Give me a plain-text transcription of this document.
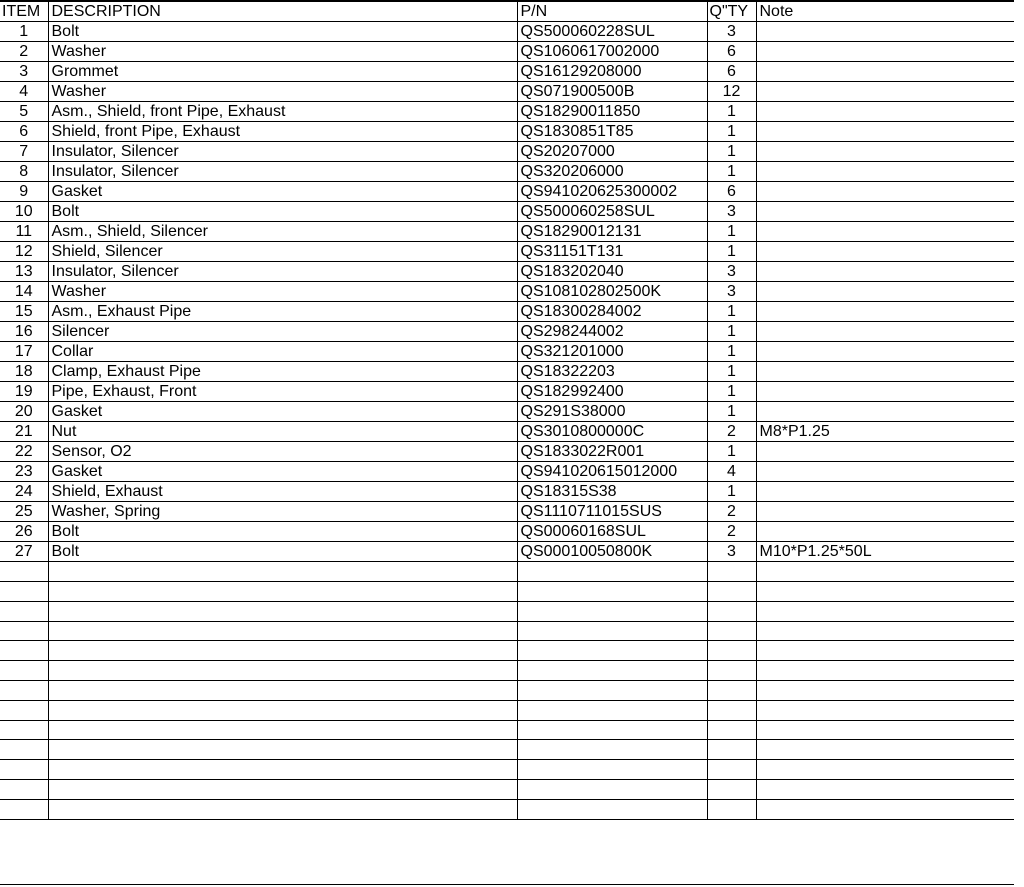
ITEM	DESCRIPTION	P/N	Q"TY	Note
1	Bolt	QS500060228SUL	3	
2	Washer	QS1060617002000	6	
3	Grommet	QS16129208000	6	
4	Washer	QS071900500B	12	
5	Asm., Shield, front Pipe, Exhaust	QS18290011850	1	
6	Shield, front Pipe, Exhaust	QS1830851T85	1	
7	Insulator, Silencer	QS20207000	1	
8	Insulator, Silencer	QS320206000	1	
9	Gasket	QS941020625300002	6	
10	Bolt	QS500060258SUL	3	
11	Asm., Shield, Silencer	QS18290012131	1	
12	Shield, Silencer	QS31151T131	1	
13	Insulator, Silencer	QS183202040	3	
14	Washer	QS108102802500K	3	
15	Asm., Exhaust Pipe	QS18300284002	1	
16	Silencer	QS298244002	1	
17	Collar	QS321201000	1	
18	Clamp, Exhaust Pipe	QS18322203	1	
19	Pipe, Exhaust, Front	QS182992400	1	
20	Gasket	QS291S38000	1	
21	Nut	QS3010800000C	2	M8*P1.25
22	Sensor, O2	QS1833022R001	1	
23	Gasket	QS941020615012000	4	
24	Shield, Exhaust	QS18315S38	1	
25	Washer, Spring	QS1110711015SUS	2	
26	Bolt	QS00060168SUL	2	
27	Bolt	QS00010050800K	3	M10*P1.25*50L
